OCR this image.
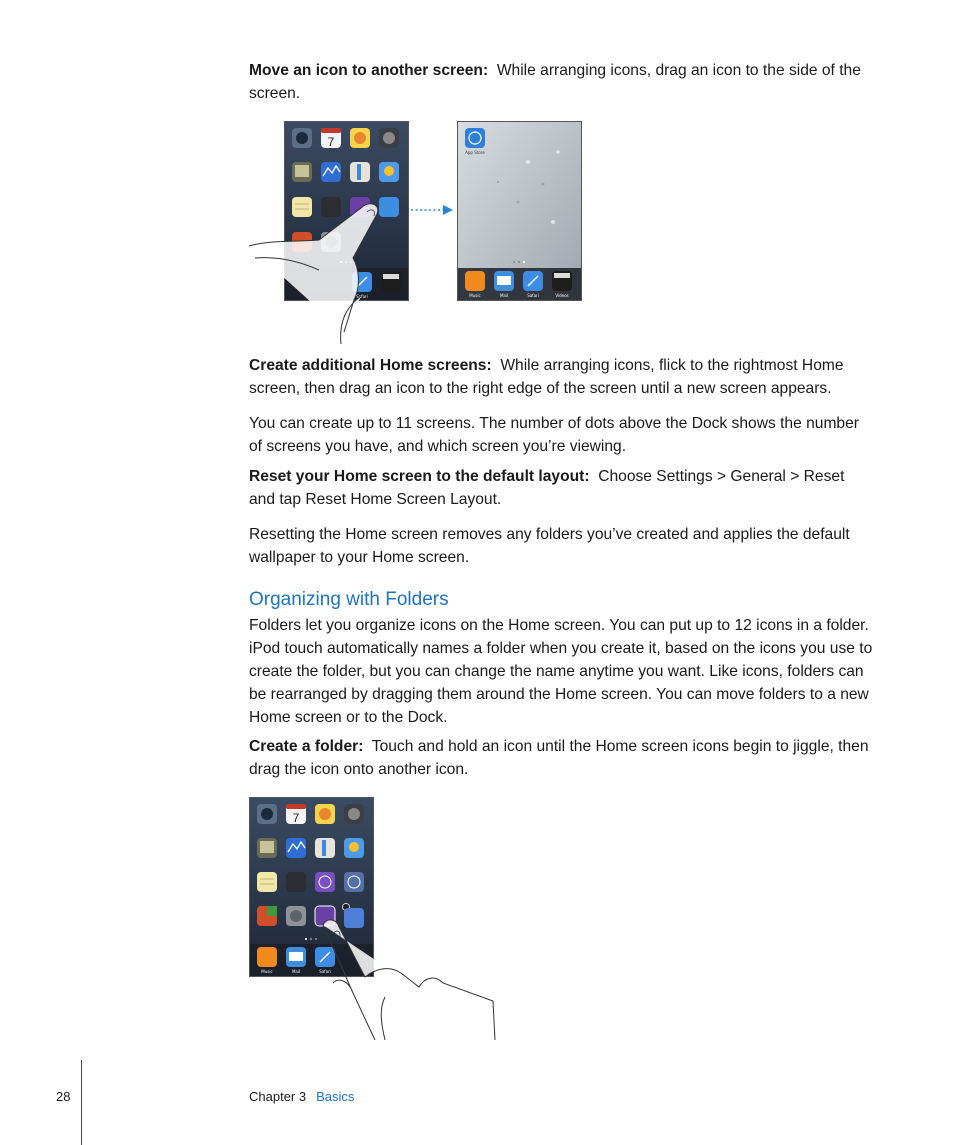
Move an icon to another screen: While arranging icons, drag an icon to the side of the screen.

7
Safari
App Store
Music	Mail	Safari	Videos

Create additional Home screens: While arranging icons, flick to the rightmost Home screen, then drag an icon to the right edge of the screen until a new screen appears.

You can create up to 11 screens. The number of dots above the Dock shows the number of screens you have, and which screen you’re viewing.

Reset your Home screen to the default layout: Choose Settings > General > Reset and tap Reset Home Screen Layout.

Resetting the Home screen removes any folders you’ve created and applies the default wallpaper to your Home screen.

Organizing with Folders

Folders let you organize icons on the Home screen. You can put up to 12 icons in a folder. iPod touch automatically names a folder when you create it, based on the icons you use to create the folder, but you can change the name anytime you want. Like icons, folders can be rearranged by dragging them around the Home screen. You can move folders to a new Home screen or to the Dock.

Create a folder: Touch and hold an icon until the Home screen icons begin to jiggle, then drag the icon onto another icon.

7
Music	Mail	Safari
28	Chapter 3 Basics
